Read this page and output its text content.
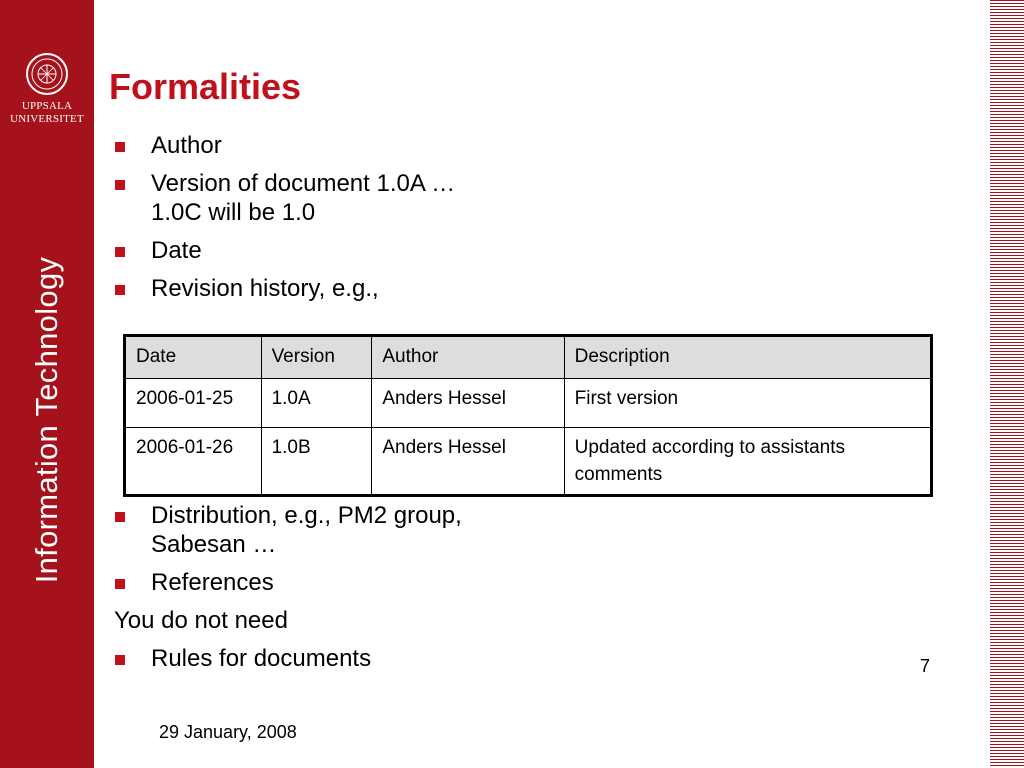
UPPSALA
UNIVERSITET
Information Technology
Formalities
Author
Version of document 1.0A …
1.0C will be 1.0
Date
Revision history, e.g.,
Date	Version	Author	Description
2006-01-25	1.0A	Anders Hessel	First version
2006-01-26	1.0B	Anders Hessel	Updated according to assistants comments
Distribution, e.g., PM2 group,
Sabesan …
References
You do not need
Rules for documents	7
29 January, 2008
